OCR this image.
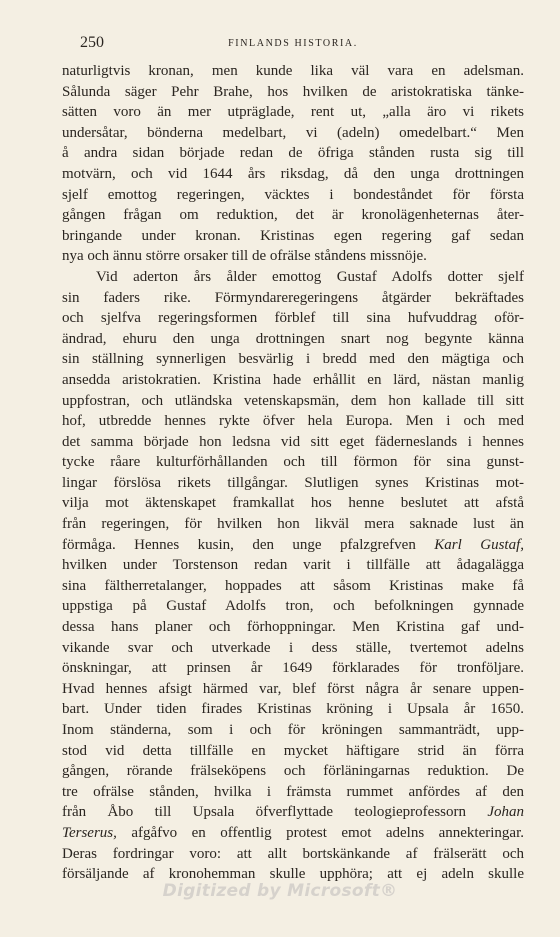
250	FINLANDS HISTORIA.
naturligtvis kronan, men kunde lika väl vara en adelsman.
Sålunda säger Pehr Brahe, hos hvilken de aristokratiska tänke-
sätten voro än mer utpräglade, rent ut, „alla äro vi rikets
undersåtar, bönderna medelbart, vi (adeln) omedelbart.“ Men
å andra sidan började redan de öfriga stånden rusta sig till
motvärn, och vid 1644 års riksdag, då den unga drottningen
sjelf emottog regeringen, väcktes i bondeståndet för första
gången frågan om reduktion, det är kronolägenheternas åter-
bringande under kronan. Kristinas egen regering gaf sedan
nya och ännu större orsaker till de ofrälse ståndens missnöje.
Vid aderton års ålder emottog Gustaf Adolfs dotter sjelf
sin faders rike. Förmyndareregeringens åtgärder bekräftades
och sjelfva regeringsformen förblef till sina hufvuddrag oför-
ändrad, ehuru den unga drottningen snart nog begynte känna
sin ställning synnerligen besvärlig i bredd med den mägtiga och
ansedda aristokratien. Kristina hade erhållit en lärd, nästan manlig
uppfostran, och utländska vetenskapsmän, dem hon kallade till sitt
hof, utbredde hennes rykte öfver hela Europa. Men i och med
det samma började hon ledsna vid sitt eget fäderneslands i hennes
tycke råare kulturförhållanden och till förmon för sina gunst-
lingar förslösa rikets tillgångar. Slutligen synes Kristinas mot-
vilja mot äktenskapet framkallat hos henne beslutet att afstå
från regeringen, för hvilken hon likväl mera saknade lust än
förmåga. Hennes kusin, den unge pfalzgrefven Karl Gustaf,
hvilken under Torstenson redan varit i tillfälle att ådagalägga
sina fältherretalanger, hoppades att såsom Kristinas make få
uppstiga på Gustaf Adolfs tron, och befolkningen gynnade
dessa hans planer och förhoppningar. Men Kristina gaf und-
vikande svar och utverkade i dess ställe, tvertemot adelns
önskningar, att prinsen år 1649 förklarades för tronföljare.
Hvad hennes afsigt härmed var, blef först några år senare uppen-
bart. Under tiden firades Kristinas kröning i Upsala år 1650.
Inom ständerna, som i och för kröningen sammanträdt, upp-
stod vid detta tillfälle en mycket häftigare strid än förra
gången, rörande frälseköpens och förläningarnas reduktion. De
tre ofrälse stånden, hvilka i främsta rummet anfördes af den
från Åbo till Upsala öfverflyttade teologieprofessorn Johan
Terserus, afgåfvo en offentlig protest emot adelns annekteringar.
Deras fordringar voro: att allt bortskänkande af frälserätt och
försäljande af kronohemman skulle upphöra; att ej adeln skulle
Digitized by Microsoft®
